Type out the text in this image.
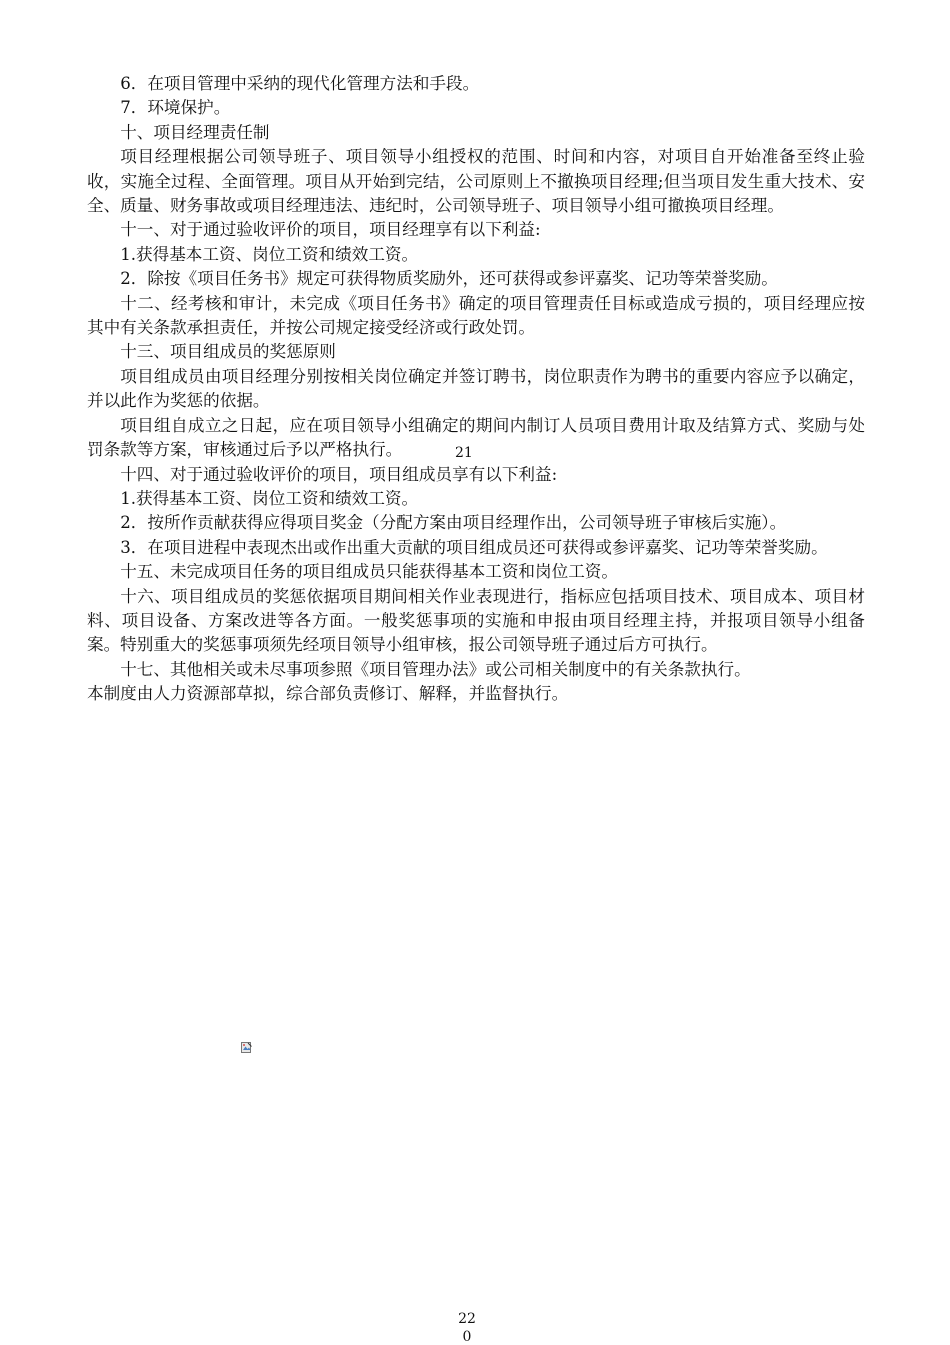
6．在项目管理中采纳的现代化管理方法和手段。

7．环境保护。

十、项目经理责任制

项目经理根据公司领导班子、项目领导小组授权的范围、时间和内容，对项目自开始准备至终止验收，实施全过程、全面管理。项目从开始到完结，公司原则上不撤换项目经理;但当项目发生重大技术、安全、质量、财务事故或项目经理违法、违纪时，公司领导班子、项目领导小组可撤换项目经理。

十一、对于通过验收评价的项目，项目经理享有以下利益:

1.获得基本工资、岗位工资和绩效工资。

2．除按《项目任务书》规定可获得物质奖励外，还可获得或参评嘉奖、记功等荣誉奖励。

十二、经考核和审计，未完成《项目任务书》确定的项目管理责任目标或造成亏损的，项目经理应按其中有关条款承担责任，并按公司规定接受经济或行政处罚。

十三、项目组成员的奖惩原则

项目组成员由项目经理分别按相关岗位确定并签订聘书，岗位职责作为聘书的重要内容应予以确定，并以此作为奖惩的依据。

项目组自成立之日起，应在项目领导小组确定的期间内制订人员项目费用计取及结算方式、奖励与处罚条款等方案，审核通过后予以严格执行。

十四、对于通过验收评价的项目，项目组成员享有以下利益:

1.获得基本工资、岗位工资和绩效工资。

2．按所作贡献获得应得项目奖金（分配方案由项目经理作出，公司领导班子审核后实施）。

3．在项目进程中表现杰出或作出重大贡献的项目组成员还可获得或参评嘉奖、记功等荣誉奖励。

十五、未完成项目任务的项目组成员只能获得基本工资和岗位工资。

十六、项目组成员的奖惩依据项目期间相关作业表现进行，指标应包括项目技术、项目成本、项目材料、项目设备、方案改进等各方面。一般奖惩事项的实施和申报由项目经理主持，并报项目领导小组备案。特别重大的奖惩事项须先经项目领导小组审核，报公司领导班子通过后方可执行。

十七、其他相关或未尽事项参照《项目管理办法》或公司相关制度中的有关条款执行。

本制度由人力资源部草拟，综合部负责修订、解释，并监督执行。

21
22
0
